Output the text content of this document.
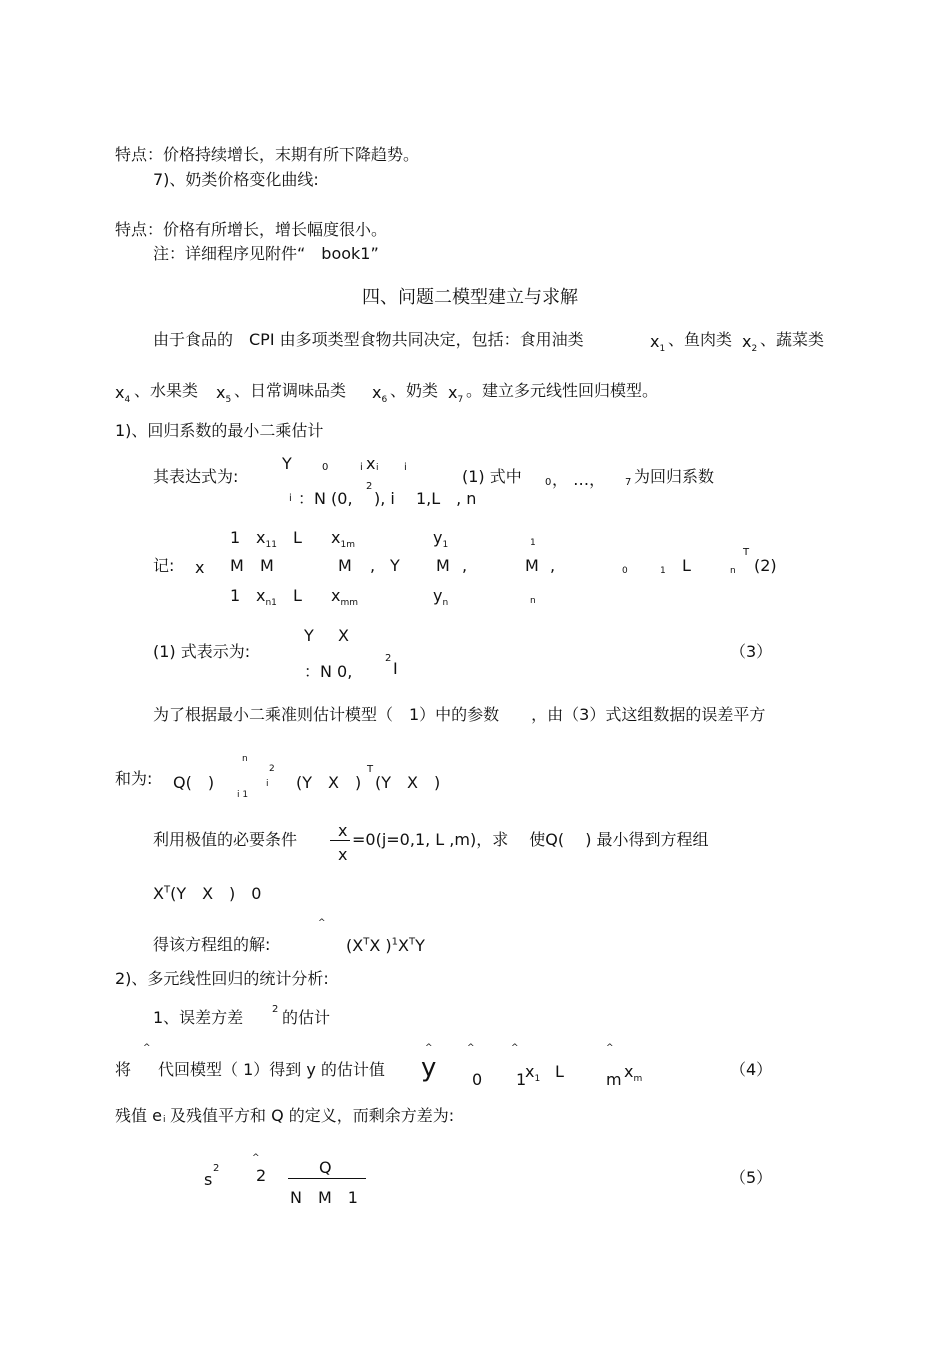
特点：价格持续增长，末期有所下降趋势。
7)、奶类价格变化曲线:
特点：价格有所增长，增长幅度很小。
注：详细程序见附件“　book1”
四、问题二模型建立与求解
由于食品的　CPI 由多项类型食物共同决定，包括：食用油类	$x_1$
、鱼肉类 $x_2$
、蔬菜类
$x_4$
、水果类 $x_5$
、日常调味品类 $x_6$
、奶类 $x_7$
。建立多元线性回归模型。
1)、回归系数的最小二乘估计
其表达式为:
Y	0	i x i	i
i ：N (0,
2
), i　 1,L　, n
(1) 式中 0 ， …， 7 为回归系数
记: x
1 $x_{11}$ L $x_{1m}$
M M	M ,
1 $x_{n1}$ L $x_{mm}$
Y
$y_1$
M ,
$y_n$
1
M ,
n
0	1 L	n
T
(2)
(1) 式表示为:
Y X
：N 0,
2
I
（3）
为了根据最小二乘准则估计模型（　1）中的参数　　，由（3）式这组数据的误差平方
和为: Q(　)
n
i 1
2
i (Y　X　)
T
(Y　X　)
利用极值的必要条件	x
x
=0(j=0,1, L ,m)，求　 使Q(　 ) 最小得到方程组
$X^T(Y$　X　)　0
得该方程组的解:
^
($X^TX$ )$^1X^TY$
2)、多元线性回归的统计分析:
1、误差方差　 2 的估计
^
将 代回模型（ 1）得到 y 的估计值
^
y
^
0
^
1
$x_1$ L
^
m $x_m$
（4）
残值 e i 及残值平方和 Q 的定义，而剩余方差为:
s
2
^
2	Q
N　M　1
（5）
